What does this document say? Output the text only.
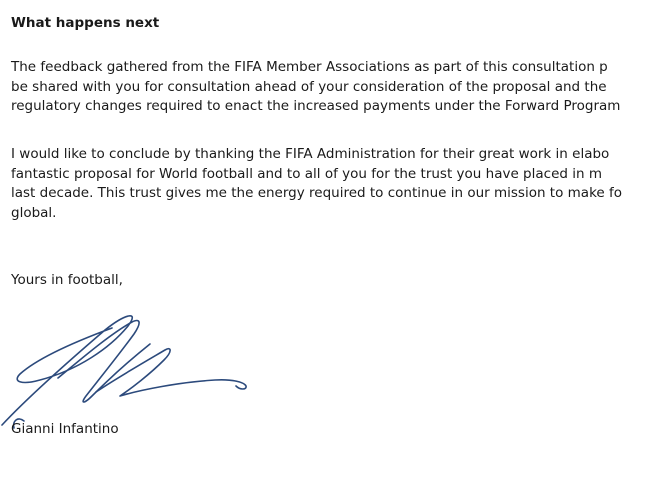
What happens next

The feedback gathered from the FIFA Member Associations as part of this consultation p
be shared with you for consultation ahead of your consideration of the proposal and the
regulatory changes required to enact the increased payments under the Forward Program

I would like to conclude by thanking the FIFA Administration for their great work in elabo
fantastic proposal for World football and to all of you for the trust you have placed in m
last decade. This trust gives me the energy required to continue in our mission to make fo
global.

Yours in football,

Gianni Infantino
